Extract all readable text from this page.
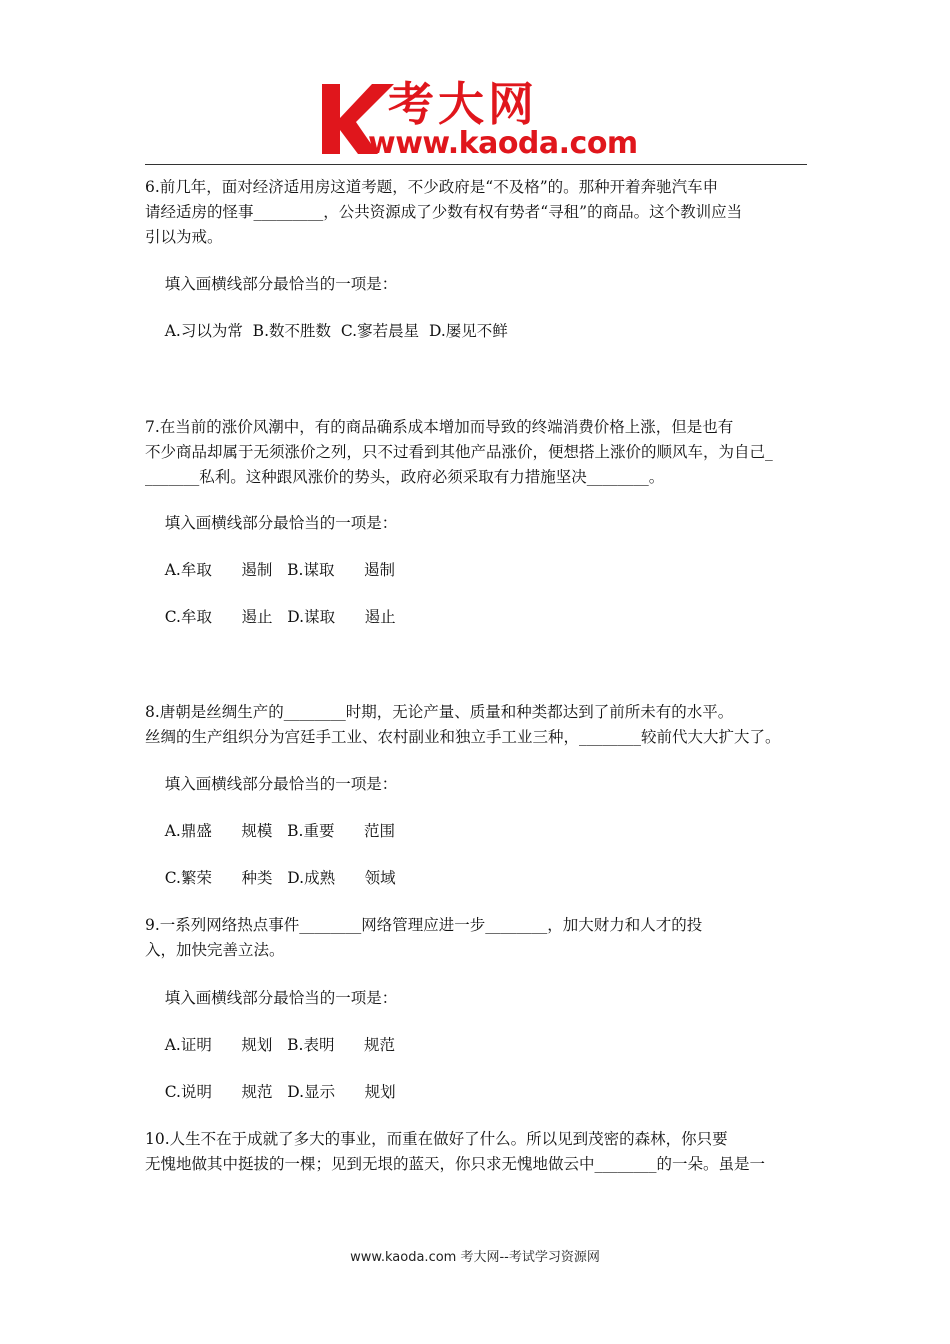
考大网
www.kaoda.com

6.前几年，面对经济适用房这道考题，不少政府是“不及格”的。那种开着奔驰汽车申

请经适房的怪事_________，公共资源成了少数有权有势者“寻租”的商品。这个教训应当

引以为戒。

填入画横线部分最恰当的一项是：
A.习以为常  B.数不胜数  C.寥若晨星  D.屡见不鲜

7.在当前的涨价风潮中，有的商品确系成本增加而导致的终端消费价格上涨，但是也有

不少商品却属于无须涨价之列，只不过看到其他产品涨价，便想搭上涨价的顺风车，为自己_

_______私利。这种跟风涨价的势头，政府必须采取有力措施坚决________。

填入画横线部分最恰当的一项是：
A.牟取      遏制   B.谋取      遏制
C.牟取      遏止   D.谋取      遏止

8.唐朝是丝绸生产的________时期，无论产量、质量和种类都达到了前所未有的水平。

丝绸的生产组织分为宫廷手工业、农村副业和独立手工业三种，________较前代大大扩大了。

填入画横线部分最恰当的一项是：
A.鼎盛      规模   B.重要      范围
C.繁荣      种类   D.成熟      领域

9.一系列网络热点事件________网络管理应进一步________，加大财力和人才的投

入，加快完善立法。

填入画横线部分最恰当的一项是：
A.证明      规划   B.表明      规范
C.说明      规范   D.显示      规划

10.人生不在于成就了多大的事业，而重在做好了什么。所以见到茂密的森林，你只要

无愧地做其中挺拔的一棵；见到无垠的蓝天，你只求无愧地做云中________的一朵。虽是一

www.kaoda.com 考大网--考试学习资源网
